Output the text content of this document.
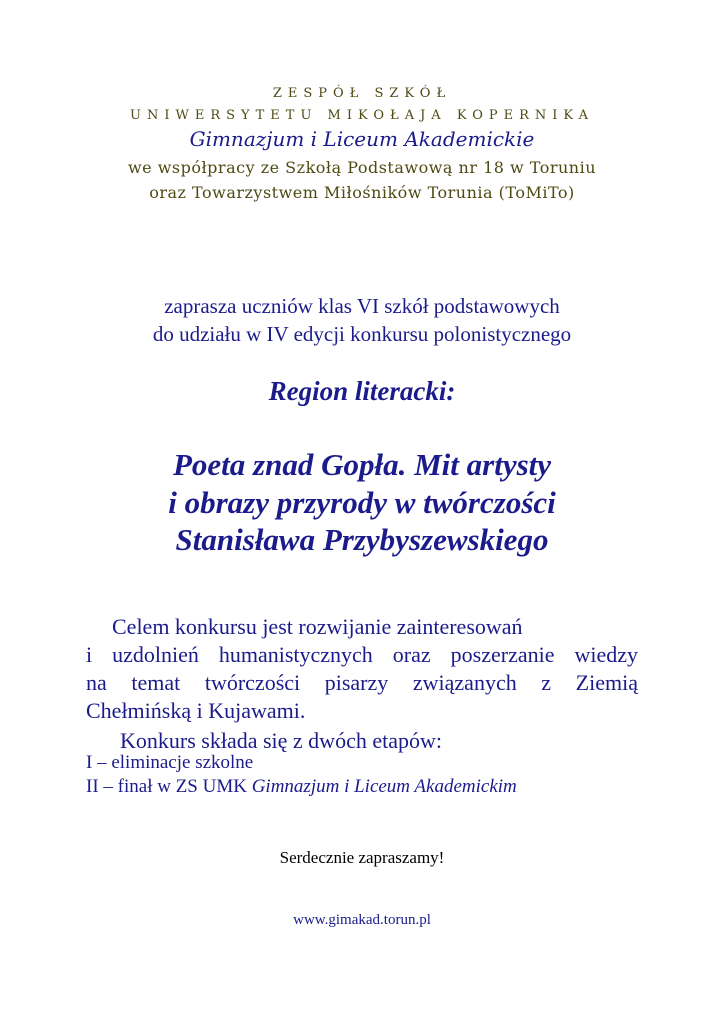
ZESPÓŁ SZKÓŁ
UNIWERSYTETU MIKOŁAJA KOPERNIKA
Gimnazjum i Liceum Akademickie
we współpracy ze Szkołą Podstawową nr 18 w Toruniu
oraz Towarzystwem Miłośników Torunia (ToMiTo)
zaprasza uczniów klas VI szkół podstawowych
do udziału w IV edycji konkursu polonistycznego
Region literacki:
Poeta znad Gopła. Mit artysty
i obrazy przyrody w twórczości
Stanisława Przybyszewskiego
Celem konkursu jest rozwijanie zainteresowań
i uzdolnień humanistycznych oraz poszerzanie wiedzy
na temat twórczości pisarzy związanych z Ziemią
Chełmińską i Kujawami.
Konkurs składa się z dwóch etapów:
I – eliminacje szkolne
II – finał w ZS UMK Gimnazjum i Liceum Akademickim
Serdecznie zapraszamy!
www.gimakad.torun.pl
